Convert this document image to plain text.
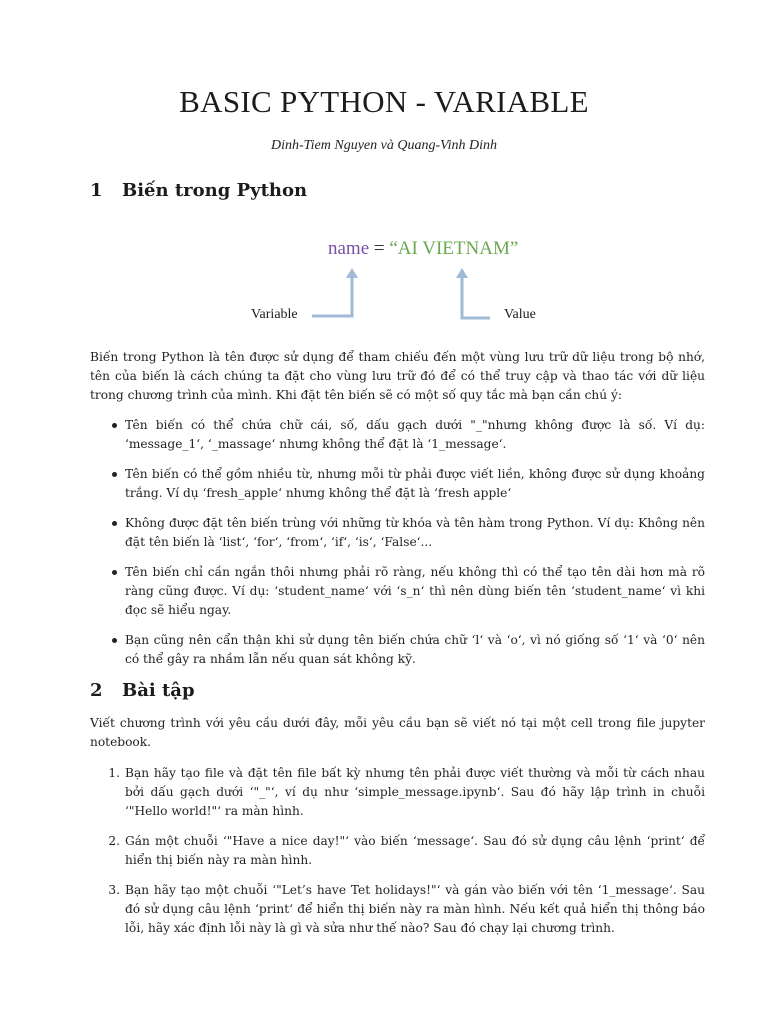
BASIC PYTHON - VARIABLE
Dinh-Tiem Nguyen và Quang-Vinh Dinh
1 Biến trong Python
name = “AI VIETNAM”
Variable	Value
Biến trong Python là tên được sử dụng để tham chiếu đến một vùng lưu trữ dữ liệu trong bộ nhớ, tên của biến là cách chúng ta đặt cho vùng lưu trữ đó để có thể truy cập và thao tác với dữ liệu trong chương trình của mình. Khi đặt tên biến sẽ có một số quy tắc mà bạn cần chú ý:
Tên biến có thể chứa chữ cái, số, dấu gạch dưới "_"nhưng không được là số. Ví dụ: ‘message_1‘, ‘_massage‘ nhưng không thể đặt là ‘1_message‘.
Tên biến có thể gồm nhiều từ, nhưng mỗi từ phải được viết liền, không được sử dụng khoảng trắng. Ví dụ ‘fresh_apple‘ nhưng không thể đặt là ‘fresh apple‘
Không được đặt tên biến trùng với những từ khóa và tên hàm trong Python. Ví dụ: Không nên đặt tên biến là ‘list‘, ‘for‘, ‘from‘, ‘if‘, ‘is‘, ‘False‘...
Tên biến chỉ cần ngắn thôi nhưng phải rõ ràng, nếu không thì có thể tạo tên dài hơn mà rõ ràng cũng được. Ví dụ: ‘student_name‘ với ‘s_n‘ thì nên dùng biến tên ‘student_name‘ vì khi đọc sẽ hiểu ngay.
Bạn cũng nên cẩn thận khi sử dụng tên biến chứa chữ ‘l‘ và ‘o‘, vì nó giống số ‘1‘ và ‘0‘ nên có thể gây ra nhầm lẫn nếu quan sát không kỹ.
2 Bài tập
Viết chương trình với yêu cầu dưới đây, mỗi yêu cầu bạn sẽ viết nó tại một cell trong file jupyter notebook.
1. Bạn hãy tạo file và đặt tên file bất kỳ nhưng tên phải được viết thường và mỗi từ cách nhau bởi dấu gạch dưới ‘"_"‘, ví dụ như ‘simple_message.ipynb‘. Sau đó hãy lập trình in chuỗi ‘"Hello world!"‘ ra màn hình.
2. Gán một chuỗi ‘"Have a nice day!"‘ vào biến ‘message‘. Sau đó sử dụng câu lệnh ‘print‘ để hiển thị biến này ra màn hình.
3. Bạn hãy tạo một chuỗi ‘"Let’s have Tet holidays!"‘ và gán vào biến với tên ‘1_message‘. Sau đó sử dụng câu lệnh ‘print‘ để hiển thị biến này ra màn hình. Nếu kết quả hiển thị thông báo lỗi, hãy xác định lỗi này là gì và sửa như thế nào? Sau đó chạy lại chương trình.
